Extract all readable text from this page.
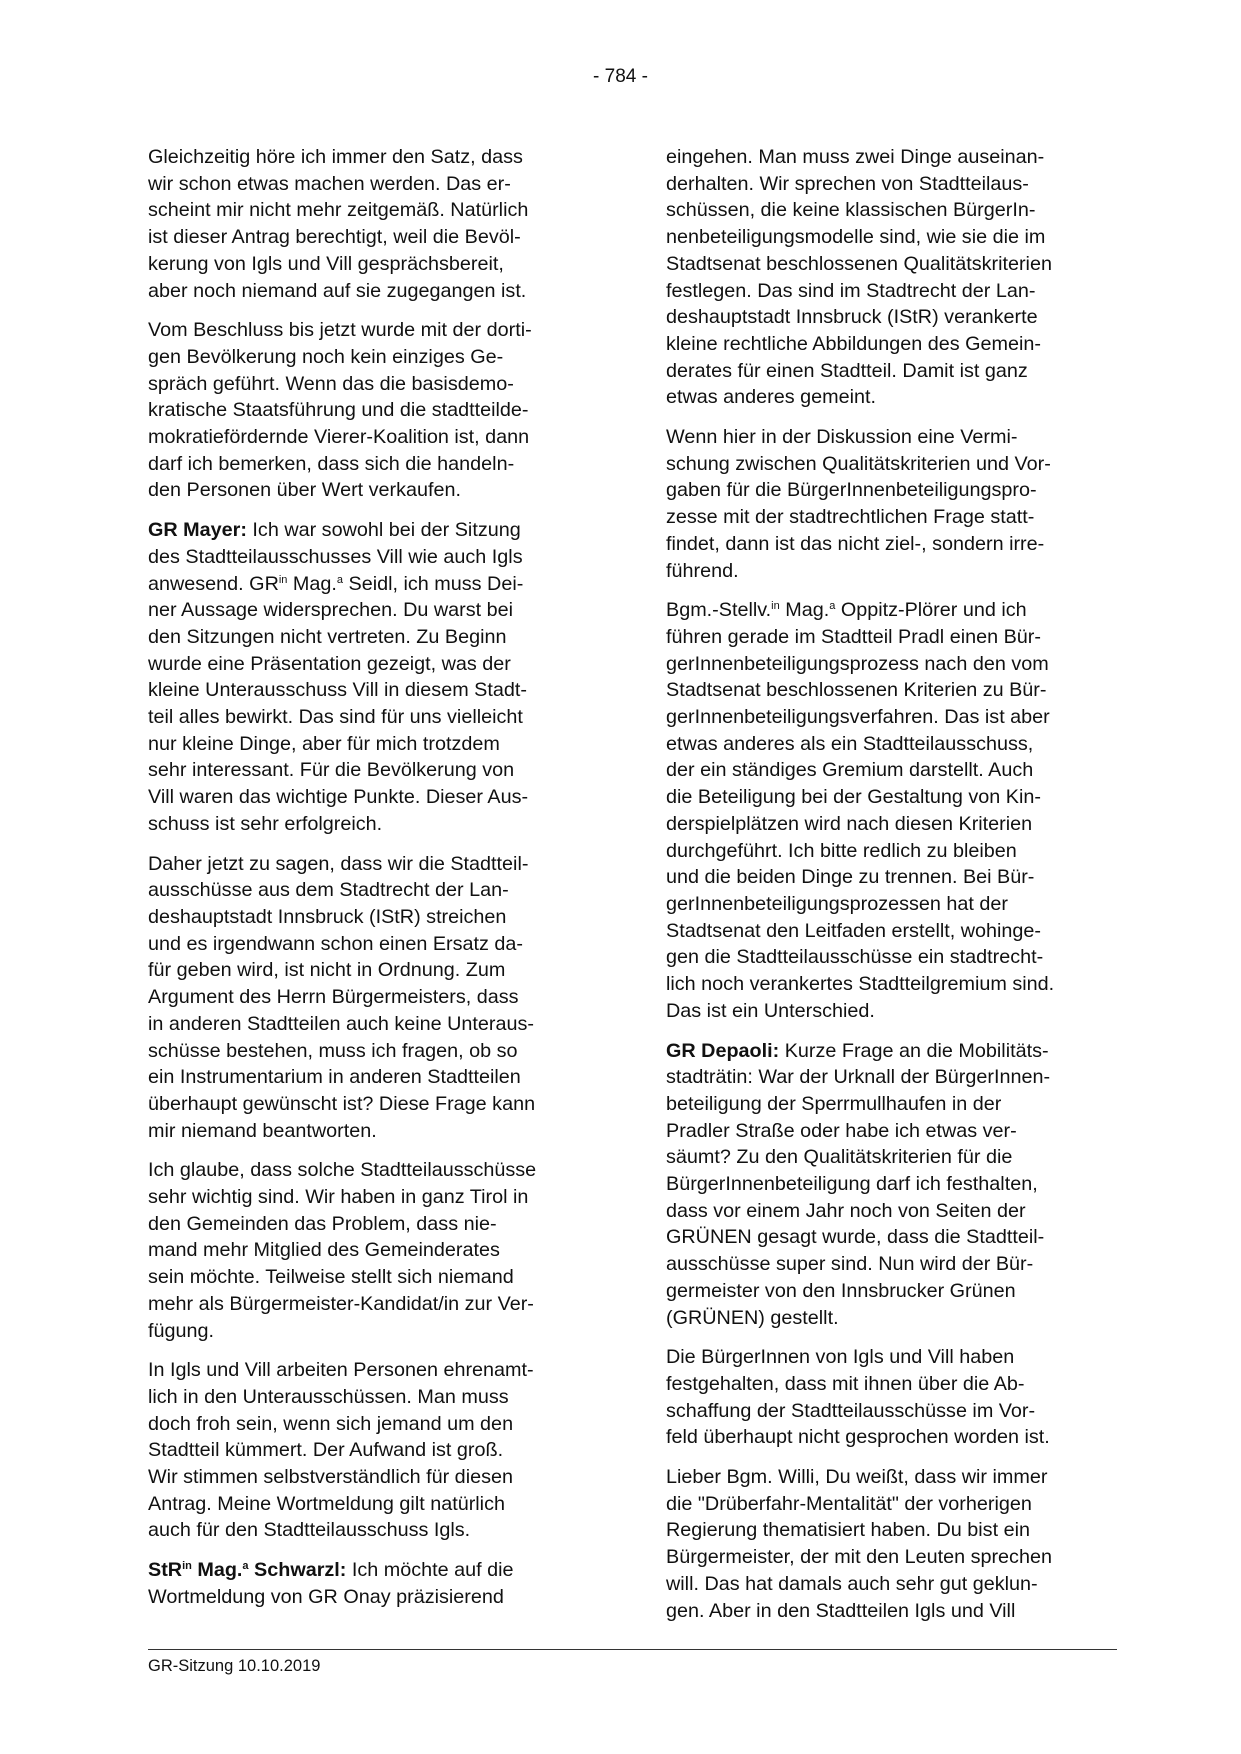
- 784 -
Gleichzeitig höre ich immer den Satz, dass
wir schon etwas machen werden. Das er-
scheint mir nicht mehr zeitgemäß. Natürlich
ist dieser Antrag berechtigt, weil die Bevöl-
kerung von Igls und Vill gesprächsbereit,
aber noch niemand auf sie zugegangen ist.
Vom Beschluss bis jetzt wurde mit der dorti-
gen Bevölkerung noch kein einziges Ge-
spräch geführt. Wenn das die basisdemo-
kratische Staatsführung und die stadtteilde-
mokratiefördernde Vierer-Koalition ist, dann
darf ich bemerken, dass sich die handeln-
den Personen über Wert verkaufen.
GR Mayer: Ich war sowohl bei der Sitzung
des Stadtteilausschusses Vill wie auch Igls
anwesend. $GR^{in}$ Mag.$^a$ Seidl, ich muss Dei-
ner Aussage widersprechen. Du warst bei
den Sitzungen nicht vertreten. Zu Beginn
wurde eine Präsentation gezeigt, was der
kleine Unterausschuss Vill in diesem Stadt-
teil alles bewirkt. Das sind für uns vielleicht
nur kleine Dinge, aber für mich trotzdem
sehr interessant. Für die Bevölkerung von
Vill waren das wichtige Punkte. Dieser Aus-
schuss ist sehr erfolgreich.
Daher jetzt zu sagen, dass wir die Stadtteil-
ausschüsse aus dem Stadtrecht der Lan-
deshauptstadt Innsbruck (IStR) streichen
und es irgendwann schon einen Ersatz da-
für geben wird, ist nicht in Ordnung. Zum
Argument des Herrn Bürgermeisters, dass
in anderen Stadtteilen auch keine Unteraus-
schüsse bestehen, muss ich fragen, ob so
ein Instrumentarium in anderen Stadtteilen
überhaupt gewünscht ist? Diese Frage kann
mir niemand beantworten.
Ich glaube, dass solche Stadtteilausschüsse
sehr wichtig sind. Wir haben in ganz Tirol in
den Gemeinden das Problem, dass nie-
mand mehr Mitglied des Gemeinderates
sein möchte. Teilweise stellt sich niemand
mehr als Bürgermeister-Kandidat/in zur Ver-
fügung.
In Igls und Vill arbeiten Personen ehrenamt-
lich in den Unterausschüssen. Man muss
doch froh sein, wenn sich jemand um den
Stadtteil kümmert. Der Aufwand ist groß.
Wir stimmen selbstverständlich für diesen
Antrag. Meine Wortmeldung gilt natürlich
auch für den Stadtteilausschuss Igls.
StR$^{in}$ Mag.$^a$ Schwarzl: Ich möchte auf die
Wortmeldung von GR Onay präzisierend
eingehen. Man muss zwei Dinge auseinan-
derhalten. Wir sprechen von Stadtteilaus-
schüssen, die keine klassischen BürgerIn-
nenbeteiligungsmodelle sind, wie sie die im
Stadtsenat beschlossenen Qualitätskriterien
festlegen. Das sind im Stadtrecht der Lan-
deshauptstadt Innsbruck (IStR) verankerte
kleine rechtliche Abbildungen des Gemein-
derates für einen Stadtteil. Damit ist ganz
etwas anderes gemeint.
Wenn hier in der Diskussion eine Vermi-
schung zwischen Qualitätskriterien und Vor-
gaben für die BürgerInnenbeteiligungspro-
zesse mit der stadtrechtlichen Frage statt-
findet, dann ist das nicht ziel-, sondern irre-
führend.
Bgm.-Stellv.$^{in}$ Mag.$^a$ Oppitz-Plörer und ich
führen gerade im Stadtteil Pradl einen Bür-
gerInnenbeteiligungsprozess nach den vom
Stadtsenat beschlossenen Kriterien zu Bür-
gerInnenbeteiligungsverfahren. Das ist aber
etwas anderes als ein Stadtteilausschuss,
der ein ständiges Gremium darstellt. Auch
die Beteiligung bei der Gestaltung von Kin-
derspielplätzen wird nach diesen Kriterien
durchgeführt. Ich bitte redlich zu bleiben
und die beiden Dinge zu trennen. Bei Bür-
gerInnenbeteiligungsprozessen hat der
Stadtsenat den Leitfaden erstellt, wohinge-
gen die Stadtteilausschüsse ein stadtrecht-
lich noch verankertes Stadtteilgremium sind.
Das ist ein Unterschied.
GR Depaoli: Kurze Frage an die Mobilitäts-
stadträtin: War der Urknall der BürgerInnen-
beteiligung der Sperrmullhaufen in der
Pradler Straße oder habe ich etwas ver-
säumt? Zu den Qualitätskriterien für die
BürgerInnenbeteiligung darf ich festhalten,
dass vor einem Jahr noch von Seiten der
GRÜNEN gesagt wurde, dass die Stadtteil-
ausschüsse super sind. Nun wird der Bür-
germeister von den Innsbrucker Grünen
(GRÜNEN) gestellt.
Die BürgerInnen von Igls und Vill haben
festgehalten, dass mit ihnen über die Ab-
schaffung der Stadtteilausschüsse im Vor-
feld überhaupt nicht gesprochen worden ist.
Lieber Bgm. Willi, Du weißt, dass wir immer
die "Drüberfahr-Mentalität" der vorherigen
Regierung thematisiert haben. Du bist ein
Bürgermeister, der mit den Leuten sprechen
will. Das hat damals auch sehr gut geklun-
gen. Aber in den Stadtteilen Igls und Vill
GR-Sitzung 10.10.2019
